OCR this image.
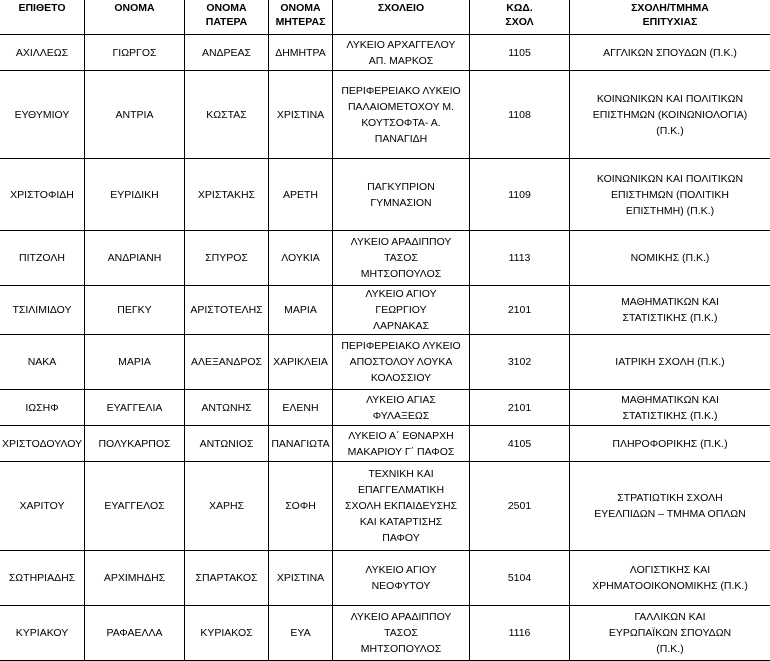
ΕΠΙΘΕΤΟ	ΟΝΟΜΑ	ΟΝΟΜΑ ΠΑΤΕΡΑ	ΟΝΟΜΑ ΜΗΤΕΡΑΣ	ΣΧΟΛΕΙΟ	ΚΩΔ. ΣΧΟΛ	ΣΧΟΛΗ/ΤΜΗΜΑ ΕΠΙΤΥΧΙΑΣ
ΑΧΙΛΛΕΩΣ	ΓΙΩΡΓΟΣ	ΑΝΔΡΕΑΣ	ΔΗΜΗΤΡΑ	ΛΥΚΕΙΟ ΑΡΧΑΓΓΕΛΟΥ ΑΠ. ΜΑΡΚΟΣ	1105	ΑΓΓΛΙΚΩΝ ΣΠΟΥΔΩΝ (Π.Κ.)
ΕΥΘΥΜΙΟΥ	ΑΝΤΡΙΑ	ΚΩΣΤΑΣ	ΧΡΙΣΤΙΝΑ	ΠΕΡΙΦΕΡΕΙΑΚΟ ΛΥΚΕΙΟ ΠΑΛΑΙΟΜΕΤΟΧΟΥ Μ. ΚΟΥΤΣΟΦΤΑ- Α. ΠΑΝΑΓΙΔΗ	1108	ΚΟΙΝΩΝΙΚΩΝ ΚΑΙ ΠΟΛΙΤΙΚΩΝ ΕΠΙΣΤΗΜΩΝ (ΚΟΙΝΩΝΙΟΛΟΓΙΑ) (Π.Κ.)
ΧΡΙΣΤΟΦΙΔΗ	ΕΥΡΙΔΙΚΗ	ΧΡΙΣΤΑΚΗΣ	ΑΡΕΤΗ	ΠΑΓΚΥΠΡΙΟΝ ΓΥΜΝΑΣΙΟΝ	1109	ΚΟΙΝΩΝΙΚΩΝ ΚΑΙ ΠΟΛΙΤΙΚΩΝ ΕΠΙΣΤΗΜΩΝ (ΠΟΛΙΤΙΚΗ ΕΠΙΣΤΗΜΗ) (Π.Κ.)
ΠΙΤΖΟΛΗ	ΑΝΔΡΙΑΝΗ	ΣΠΥΡΟΣ	ΛΟΥΚΙΑ	ΛΥΚΕΙΟ ΑΡΑΔΙΠΠΟΥ ΤΑΣΟΣ ΜΗΤΣΟΠΟΥΛΟΣ	1113	ΝΟΜΙΚΗΣ (Π.Κ.)
ΤΣΙΛΙΜΙΔΟΥ	ΠΕΓΚΥ	ΑΡΙΣΤΟΤΕΛΗΣ	ΜΑΡΙΑ	ΛΥΚΕΙΟ ΑΓΙΟΥ ΓΕΩΡΓΙΟΥ ΛΑΡΝΑΚΑΣ	2101	ΜΑΘΗΜΑΤΙΚΩΝ ΚΑΙ ΣΤΑΤΙΣΤΙΚΗΣ (Π.Κ.)
ΝΑΚΑ	ΜΑΡΙΑ	ΑΛΕΞΑΝΔΡΟΣ	ΧΑΡΙΚΛΕΙΑ	ΠΕΡΙΦΕΡΕΙΑΚΟ ΛΥΚΕΙΟ ΑΠΟΣΤΟΛΟΥ ΛΟΥΚΑ ΚΟΛΟΣΣΙΟΥ	3102	ΙΑΤΡΙΚΗ ΣΧΟΛΗ (Π.Κ.)
ΙΩΣΗΦ	ΕΥΑΓΓΕΛΙΑ	ΑΝΤΩΝΗΣ	ΕΛΕΝΗ	ΛΥΚΕΙΟ ΑΓΙΑΣ ΦΥΛΑΞΕΩΣ	2101	ΜΑΘΗΜΑΤΙΚΩΝ ΚΑΙ ΣΤΑΤΙΣΤΙΚΗΣ (Π.Κ.)
ΧΡΙΣΤΟΔΟΥΛΟΥ	ΠΟΛΥΚΑΡΠΟΣ	ΑΝΤΩΝΙΟΣ	ΠΑΝΑΓΙΩΤΑ	ΛΥΚΕΙΟ Α΄ ΕΘΝΑΡΧΗ ΜΑΚΑΡΙΟΥ Γ΄ ΠΑΦΟΣ	4105	ΠΛΗΡΟΦΟΡΙΚΗΣ (Π.Κ.)
ΧΑΡΙΤΟΥ	ΕΥΑΓΓΕΛΟΣ	ΧΑΡΗΣ	ΣΟΦΗ	ΤΕΧΝΙΚΗ ΚΑΙ ΕΠΑΓΓΕΛΜΑΤΙΚΗ ΣΧΟΛΗ ΕΚΠΑΙΔΕΥΣΗΣ ΚΑΙ ΚΑΤΑΡΤΙΣΗΣ ΠΑΦΟΥ	2501	ΣΤΡΑΤΙΩΤΙΚΗ ΣΧΟΛΗ ΕΥΕΛΠΙΔΩΝ – ΤΜΗΜΑ ΟΠΛΩΝ
ΣΩΤΗΡΙΑΔΗΣ	ΑΡΧΙΜΗΔΗΣ	ΣΠΑΡΤΑΚΟΣ	ΧΡΙΣΤΙΝΑ	ΛΥΚΕΙΟ ΑΓΙΟΥ ΝΕΟΦΥΤΟΥ	5104	ΛΟΓΙΣΤΙΚΗΣ ΚΑΙ ΧΡΗΜΑΤΟΟΙΚΟΝΟΜΙΚΗΣ (Π.Κ.)
ΚΥΡΙΑΚΟΥ	ΡΑΦΑΕΛΛΑ	ΚΥΡΙΑΚΟΣ	ΕΥΑ	ΛΥΚΕΙΟ ΑΡΑΔΙΠΠΟΥ ΤΑΣΟΣ ΜΗΤΣΟΠΟΥΛΟΣ	1116	ΓΑΛΛΙΚΩΝ ΚΑΙ ΕΥΡΩΠΑΪΚΩΝ ΣΠΟΥΔΩΝ (Π.Κ.)
